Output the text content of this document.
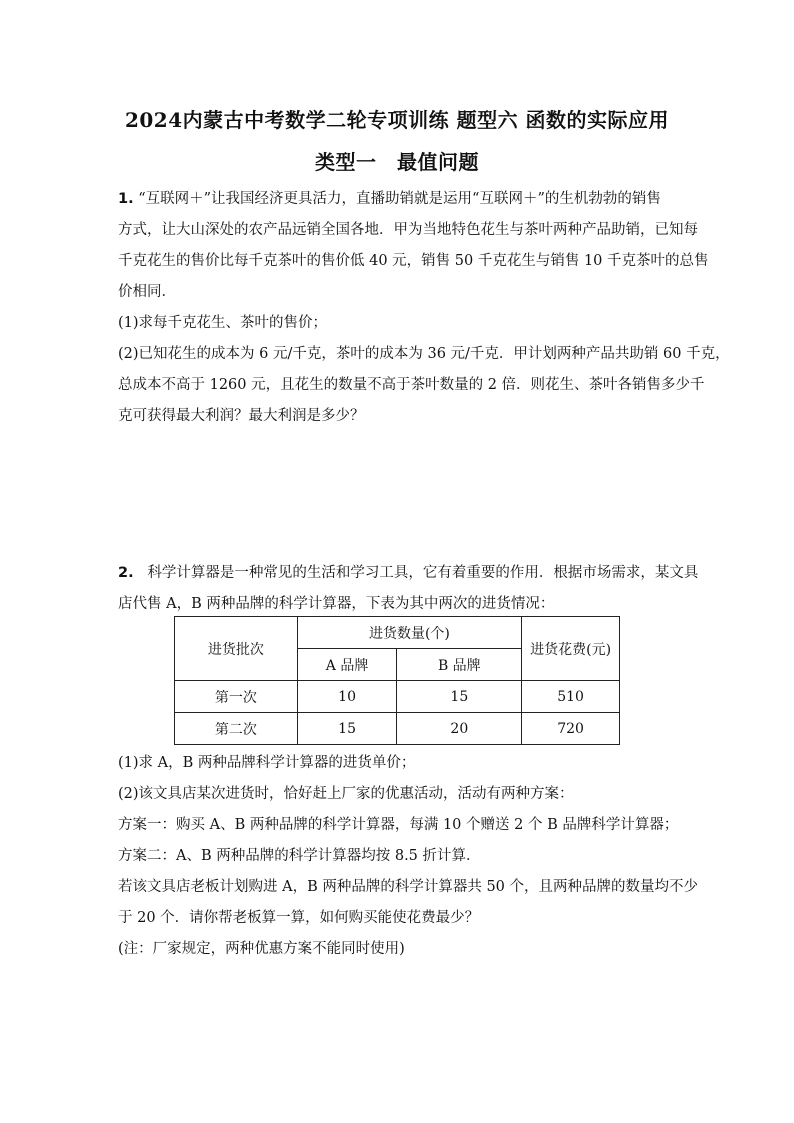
2024内蒙古中考数学二轮专项训练 题型六 函数的实际应用
类型一　最值问题
1. “互联网＋”让我国经济更具活力，直播助销就是运用“互联网＋”的生机勃勃的销售
方式，让大山深处的农产品远销全国各地．甲为当地特色花生与茶叶两种产品助销，已知每
千克花生的售价比每千克茶叶的售价低 40 元，销售 50 千克花生与销售 10 千克茶叶的总售
价相同．
(1)求每千克花生、茶叶的售价；
(2)已知花生的成本为 6 元/千克，茶叶的成本为 36 元/千克．甲计划两种产品共助销 60 千克，
总成本不高于 1260 元，且花生的数量不高于茶叶数量的 2 倍．则花生、茶叶各销售多少千
克可获得最大利润？最大利润是多少？
2. 科学计算器是一种常见的生活和学习工具，它有着重要的作用．根据市场需求，某文具
店代售 A，B 两种品牌的科学计算器，下表为其中两次的进货情况：
进货批次	进货数量(个)		进货花费(元)
	A 品牌	B 品牌	
第一次	10	15	510
第二次	15	20	720
(1)求 A，B 两种品牌科学计算器的进货单价；
(2)该文具店某次进货时，恰好赶上厂家的优惠活动，活动有两种方案：
方案一：购买 A、B 两种品牌的科学计算器，每满 10 个赠送 2 个 B 品牌科学计算器；
方案二：A、B 两种品牌的科学计算器均按 8.5 折计算．
若该文具店老板计划购进 A，B 两种品牌的科学计算器共 50 个，且两种品牌的数量均不少
于 20 个．请你帮老板算一算，如何购买能使花费最少？
(注：厂家规定，两种优惠方案不能同时使用)
